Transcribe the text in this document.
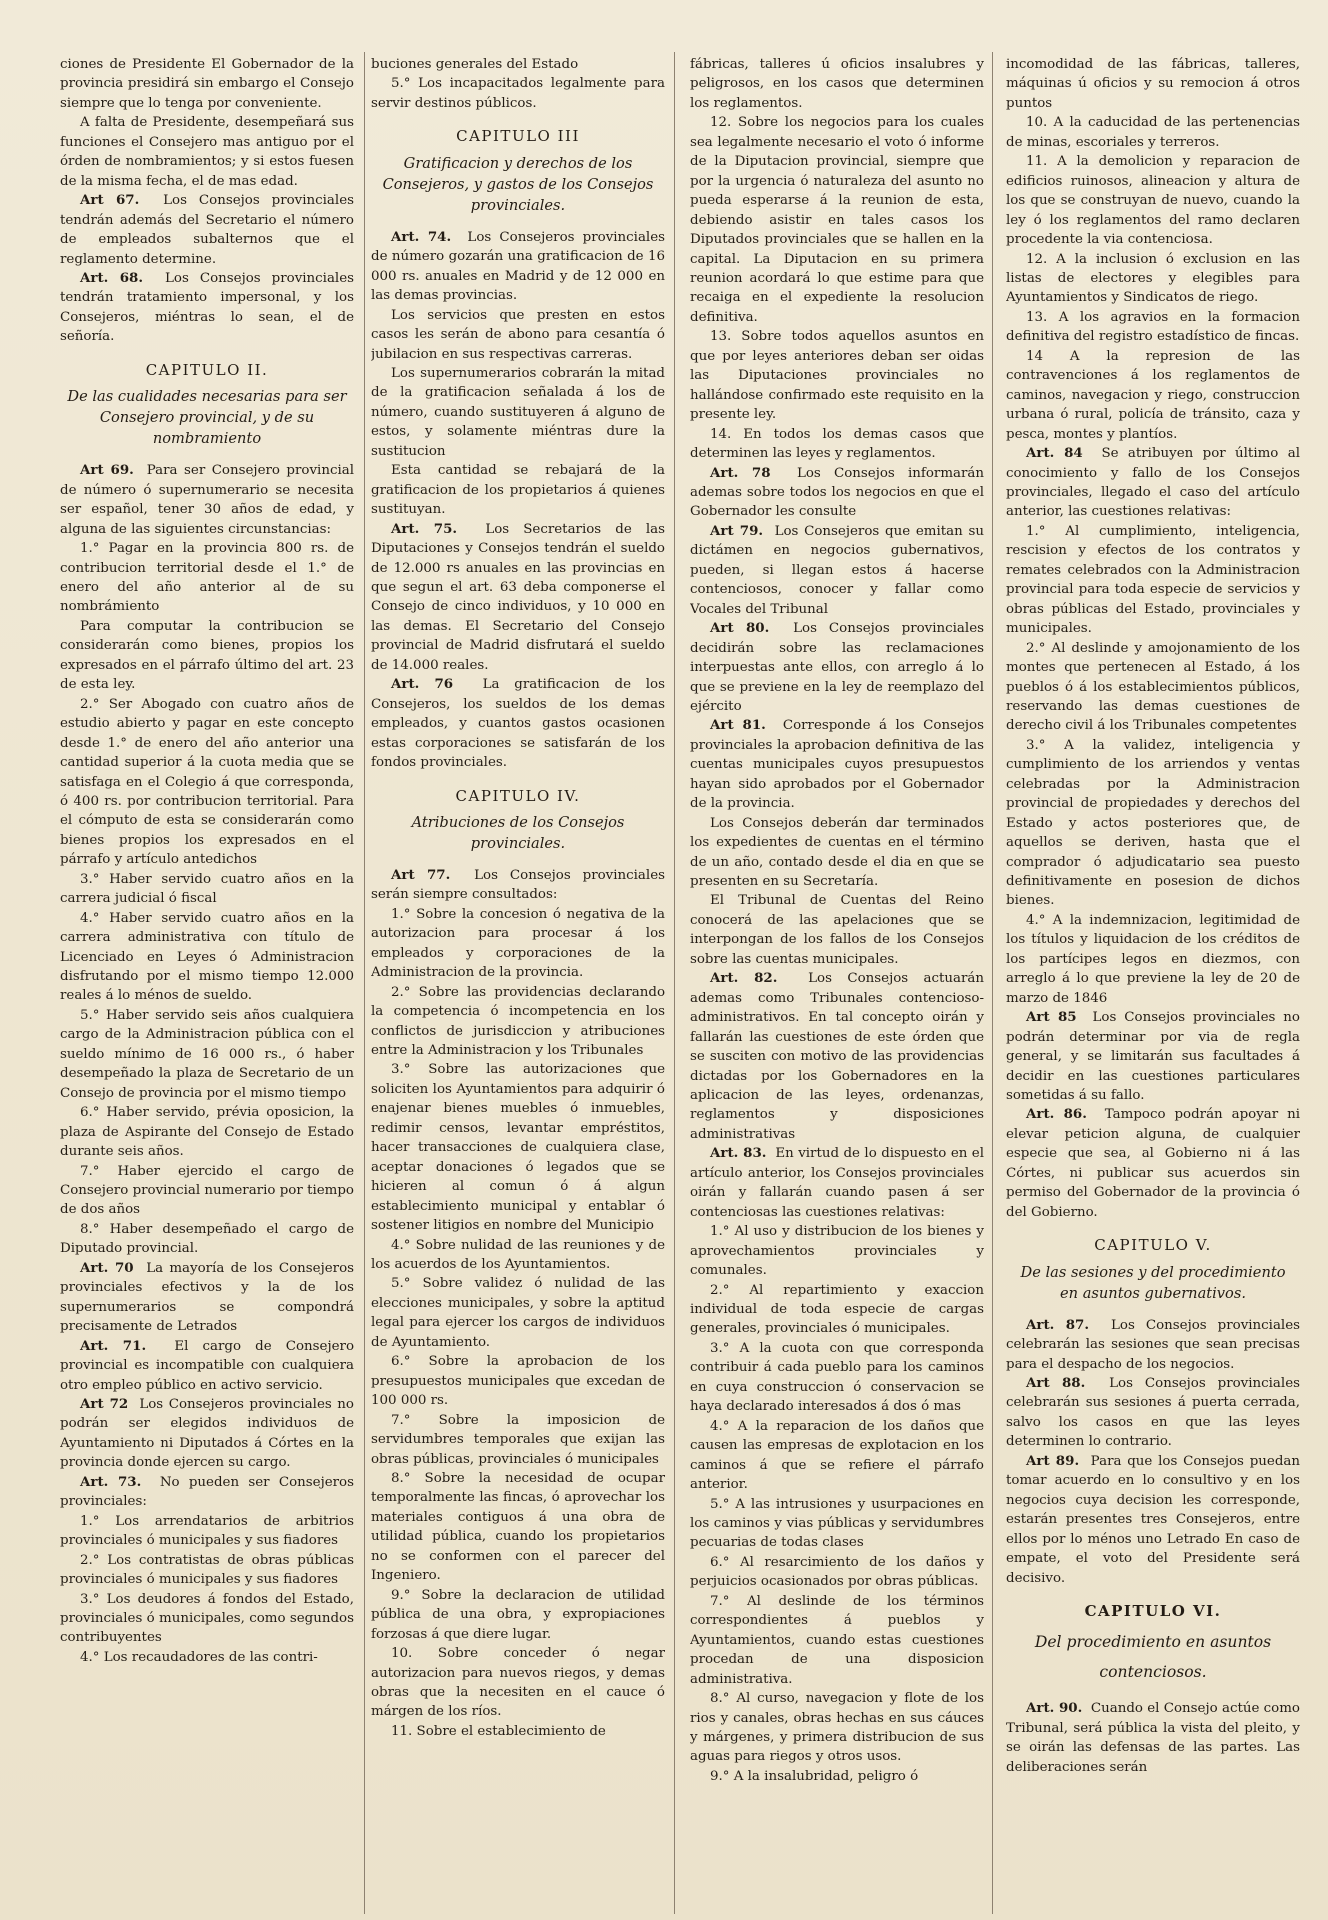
ciones de Presidente El Gobernador de la provincia presidirá sin embargo el Consejo siempre que lo tenga por conveniente.

A falta de Presidente, desempeñará sus funciones el Consejero mas antiguo por el órden de nombramientos; y si estos fuesen de la misma fecha, el de mas edad.

Art 67. Los Consejos provinciales tendrán además del Secretario el número de empleados subalternos que el reglamento determine.

Art. 68. Los Consejos provinciales tendrán tratamiento impersonal, y los Consejeros, miéntras lo sean, el de señoría.

CAPITULO II.

De las cualidades necesarias para ser Consejero provincial, y de su nombramiento

Art 69. Para ser Consejero provincial de número ó supernumerario se necesita ser español, tener 30 años de edad, y alguna de las siguientes circunstancias:

1.° Pagar en la provincia 800 rs. de contribucion territorial desde el 1.° de enero del año anterior al de su nombrámiento

Para computar la contribucion se considerarán como bienes, propios los expresados en el párrafo último del art. 23 de esta ley.

2.° Ser Abogado con cuatro años de estudio abierto y pagar en este concepto desde 1.° de enero del año anterior una cantidad superior á la cuota media que se satisfaga en el Colegio á que corresponda, ó 400 rs. por contribucion territorial. Para el cómputo de esta se considerarán como bienes propios los expresados en el párrafo y artículo antedichos

3.° Haber servido cuatro años en la carrera judicial ó fiscal

4.° Haber servido cuatro años en la carrera administrativa con título de Licenciado en Leyes ó Administracion disfrutando por el mismo tiempo 12.000 reales á lo ménos de sueldo.

5.° Haber servido seis años cualquiera cargo de la Administracion pública con el sueldo mínimo de 16 000 rs., ó haber desempeñado la plaza de Secretario de un Consejo de provincia por el mismo tiempo

6.° Haber servido, prévia oposicion, la plaza de Aspirante del Consejo de Estado durante seis años.

7.° Haber ejercido el cargo de Consejero provincial numerario por tiempo de dos años

8.° Haber desempeñado el cargo de Diputado provincial.

Art. 70 La mayoría de los Consejeros provinciales efectivos y la de los supernumerarios se compondrá precisamente de Letrados

Art. 71. El cargo de Consejero provincial es incompatible con cualquiera otro empleo público en activo servicio.

Art 72 Los Consejeros provinciales no podrán ser elegidos individuos de Ayuntamiento ni Diputados á Córtes en la provincia donde ejercen su cargo.

Art. 73. No pueden ser Consejeros provinciales:

1.° Los arrendatarios de arbitrios provinciales ó municipales y sus fiadores

2.° Los contratistas de obras públicas provinciales ó municipales y sus fiadores

3.° Los deudores á fondos del Estado, provinciales ó municipales, como segundos contribuyentes

4.° Los recaudadores de las contri-

buciones generales del Estado

5.° Los incapacitados legalmente para servir destinos públicos.

CAPITULO III

Gratificacion y derechos de los Consejeros, y gastos de los Consejos provinciales.

Art. 74. Los Consejeros provinciales de número gozarán una gratificacion de 16 000 rs. anuales en Madrid y de 12 000 en las demas provincias.

Los servicios que presten en estos casos les serán de abono para cesantía ó jubilacion en sus respectivas carreras.

Los supernumerarios cobrarán la mitad de la gratificacion señalada á los de número, cuando sustituyeren á alguno de estos, y solamente miéntras dure la sustitucion

Esta cantidad se rebajará de la gratificacion de los propietarios á quienes sustituyan.

Art. 75. Los Secretarios de las Diputaciones y Consejos tendrán el sueldo de 12.000 rs anuales en las provincias en que segun el art. 63 deba componerse el Consejo de cinco individuos, y 10 000 en las demas. El Secretario del Consejo provincial de Madrid disfrutará el sueldo de 14.000 reales.

Art. 76 La gratificacion de los Consejeros, los sueldos de los demas empleados, y cuantos gastos ocasionen estas corporaciones se satisfarán de los fondos provinciales.

CAPITULO IV.

Atribuciones de los Consejos provinciales.

Art 77. Los Consejos provinciales serán siempre consultados:

1.° Sobre la concesion ó negativa de la autorizacion para procesar á los empleados y corporaciones de la Administracion de la provincia.

2.° Sobre las providencias declarando la competencia ó incompetencia en los conflictos de jurisdiccion y atribuciones entre la Administracion y los Tribunales

3.° Sobre las autorizaciones que soliciten los Ayuntamientos para adquirir ó enajenar bienes muebles ó inmuebles, redimir censos, levantar empréstitos, hacer transacciones de cualquiera clase, aceptar donaciones ó legados que se hicieren al comun ó á algun establecimiento municipal y entablar ó sostener litigios en nombre del Municipio

4.° Sobre nulidad de las reuniones y de los acuerdos de los Ayuntamientos.

5.° Sobre validez ó nulidad de las elecciones municipales, y sobre la aptitud legal para ejercer los cargos de individuos de Ayuntamiento.

6.° Sobre la aprobacion de los presupuestos municipales que excedan de 100 000 rs.

7.° Sobre la imposicion de servidumbres temporales que exijan las obras públicas, provinciales ó municipales

8.° Sobre la necesidad de ocupar temporalmente las fincas, ó aprovechar los materiales contiguos á una obra de utilidad pública, cuando los propietarios no se conformen con el parecer del Ingeniero.

9.° Sobre la declaracion de utilidad pública de una obra, y expropiaciones forzosas á que diere lugar.

10. Sobre conceder ó negar autorizacion para nuevos riegos, y demas obras que la necesiten en el cauce ó márgen de los ríos.

11. Sobre el establecimiento de

fábricas, talleres ú oficios insalubres y peligrosos, en los casos que determinen los reglamentos.

12. Sobre los negocios para los cuales sea legalmente necesario el voto ó informe de la Diputacion provincial, siempre que por la urgencia ó naturaleza del asunto no pueda esperarse á la reunion de esta, debiendo asistir en tales casos los Diputados provinciales que se hallen en la capital. La Diputacion en su primera reunion acordará lo que estime para que recaiga en el expediente la resolucion definitiva.

13. Sobre todos aquellos asuntos en que por leyes anteriores deban ser oidas las Diputaciones provinciales no hallándose confirmado este requisito en la presente ley.

14. En todos los demas casos que determinen las leyes y reglamentos.

Art. 78 Los Consejos informarán ademas sobre todos los negocios en que el Gobernador les consulte

Art 79. Los Consejeros que emitan su dictámen en negocios gubernativos, pueden, si llegan estos á hacerse contenciosos, conocer y fallar como Vocales del Tribunal

Art 80. Los Consejos provinciales decidirán sobre las reclamaciones interpuestas ante ellos, con arreglo á lo que se previene en la ley de reemplazo del ejército

Art 81. Corresponde á los Consejos provinciales la aprobacion definitiva de las cuentas municipales cuyos presupuestos hayan sido aprobados por el Gobernador de la provincia.

Los Consejos deberán dar terminados los expedientes de cuentas en el término de un año, contado desde el dia en que se presenten en su Secretaría.

El Tribunal de Cuentas del Reino conocerá de las apelaciones que se interpongan de los fallos de los Consejos sobre las cuentas municipales.

Art. 82. Los Consejos actuarán ademas como Tribunales contencioso-administrativos. En tal concepto oirán y fallarán las cuestiones de este órden que se susciten con motivo de las providencias dictadas por los Gobernadores en la aplicacion de las leyes, ordenanzas, reglamentos y disposiciones administrativas

Art. 83. En virtud de lo dispuesto en el artículo anterior, los Consejos provinciales oirán y fallarán cuando pasen á ser contenciosas las cuestiones relativas:

1.° Al uso y distribucion de los bienes y aprovechamientos provinciales y comunales.

2.° Al repartimiento y exaccion individual de toda especie de cargas generales, provinciales ó municipales.

3.° A la cuota con que corresponda contribuir á cada pueblo para los caminos en cuya construccion ó conservacion se haya declarado interesados á dos ó mas

4.° A la reparacion de los daños que causen las empresas de explotacion en los caminos á que se refiere el párrafo anterior.

5.° A las intrusiones y usurpaciones en los caminos y vias públicas y servidumbres pecuarias de todas clases

6.° Al resarcimiento de los daños y perjuicios ocasionados por obras públicas.

7.° Al deslinde de los términos correspondientes á pueblos y Ayuntamientos, cuando estas cuestiones procedan de una disposicion administrativa.

8.° Al curso, navegacion y flote de los rios y canales, obras hechas en sus cáuces y márgenes, y primera distribucion de sus aguas para riegos y otros usos.

9.° A la insalubridad, peligro ó

incomodidad de las fábricas, talleres, máquinas ú oficios y su remocion á otros puntos

10. A la caducidad de las pertenencias de minas, escoriales y terreros.

11. A la demolicion y reparacion de edificios ruinosos, alineacion y altura de los que se construyan de nuevo, cuando la ley ó los reglamentos del ramo declaren procedente la via contenciosa.

12. A la inclusion ó exclusion en las listas de electores y elegibles para Ayuntamientos y Sindicatos de riego.

13. A los agravios en la formacion definitiva del registro estadístico de fincas.

14 A la represion de las contravenciones á los reglamentos de caminos, navegacion y riego, construccion urbana ó rural, policía de tránsito, caza y pesca, montes y plantíos.

Art. 84 Se atribuyen por último al conocimiento y fallo de los Consejos provinciales, llegado el caso del artículo anterior, las cuestiones relativas:

1.° Al cumplimiento, inteligencia, rescision y efectos de los contratos y remates celebrados con la Administracion provincial para toda especie de servicios y obras públicas del Estado, provinciales y municipales.

2.° Al deslinde y amojonamiento de los montes que pertenecen al Estado, á los pueblos ó á los establecimientos públicos, reservando las demas cuestiones de derecho civil á los Tribunales competentes

3.° A la validez, inteligencia y cumplimiento de los arriendos y ventas celebradas por la Administracion provincial de propiedades y derechos del Estado y actos posteriores que, de aquellos se deriven, hasta que el comprador ó adjudicatario sea puesto definitivamente en posesion de dichos bienes.

4.° A la indemnizacion, legitimidad de los títulos y liquidacion de los créditos de los partícipes legos en diezmos, con arreglo á lo que previene la ley de 20 de marzo de 1846

Art 85 Los Consejos provinciales no podrán determinar por via de regla general, y se limitarán sus facultades á decidir en las cuestiones particulares sometidas á su fallo.

Art. 86. Tampoco podrán apoyar ni elevar peticion alguna, de cualquier especie que sea, al Gobierno ni á las Córtes, ni publicar sus acuerdos sin permiso del Gobernador de la provincia ó del Gobierno.

CAPITULO V.

De las sesiones y del procedimiento en asuntos gubernativos.

Art. 87. Los Consejos provinciales celebrarán las sesiones que sean precisas para el despacho de los negocios.

Art 88. Los Consejos provinciales celebrarán sus sesiones á puerta cerrada, salvo los casos en que las leyes determinen lo contrario.

Art 89. Para que los Consejos puedan tomar acuerdo en lo consultivo y en los negocios cuya decision les corresponde, estarán presentes tres Consejeros, entre ellos por lo ménos uno Letrado En caso de empate, el voto del Presidente será decisivo.

CAPITULO VI.

Del procedimiento en asuntos contenciosos.

Art. 90. Cuando el Consejo actúe como Tribunal, será pública la vista del pleito, y se oirán las defensas de las partes. Las deliberaciones serán
